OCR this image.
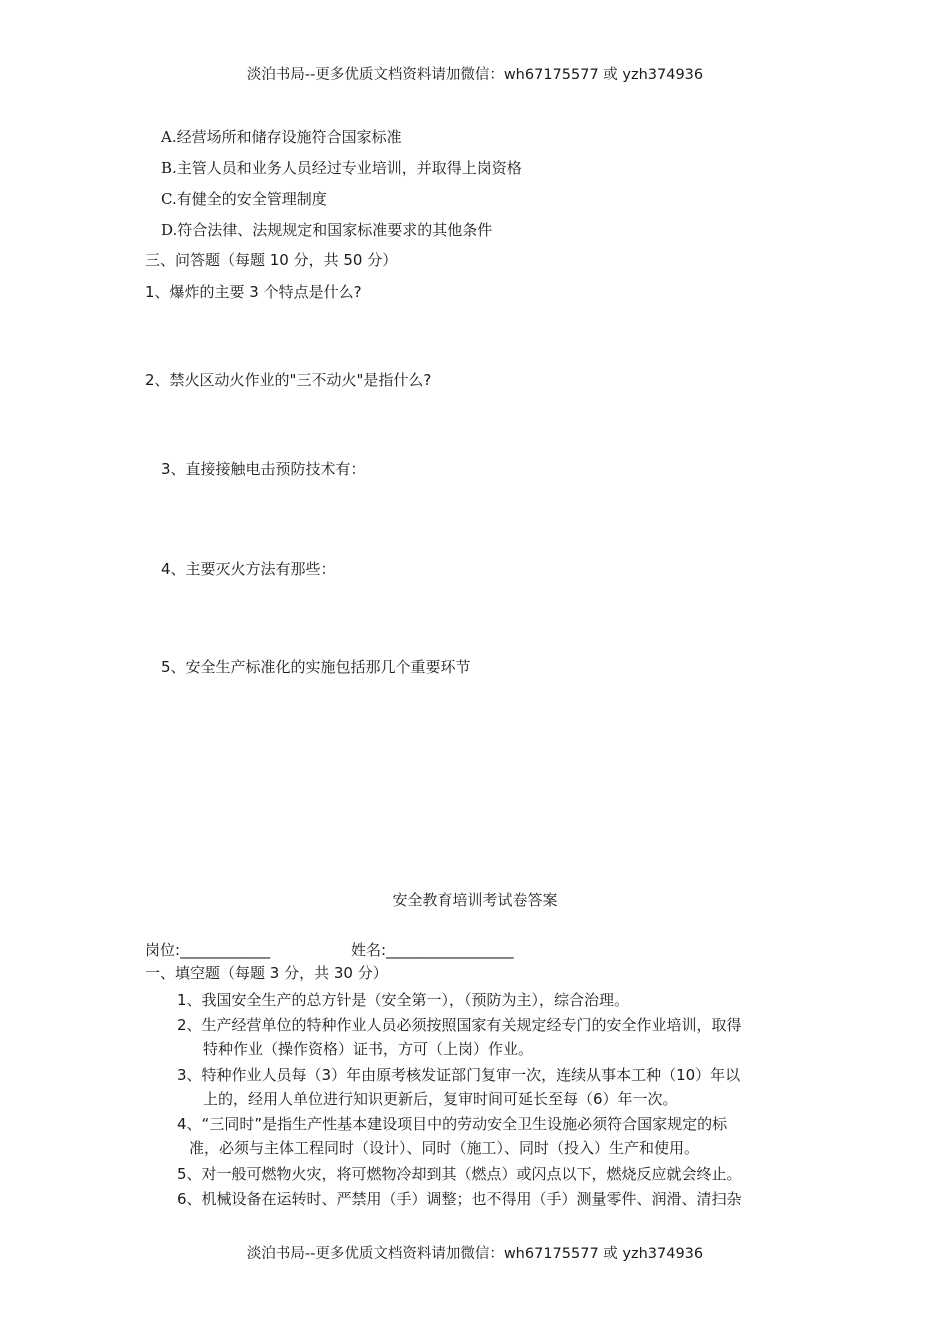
淡泊书局--更多优质文档资料请加微信：wh67175577 或 yzh374936
A.经营场所和储存设施符合国家标准
B.主管人员和业务人员经过专业培训，并取得上岗资格
C.有健全的安全管理制度
D.符合法律、法规规定和国家标准要求的其他条件
三、问答题（每题 10 分，共 50 分）
1、爆炸的主要 3 个特点是什么?
2、禁火区动火作业的"三不动火"是指什么?
3、直接接触电击预防技术有：
4、主要灭火方法有那些：
5、安全生产标准化的实施包括那几个重要环节
安全教育培训考试卷答案
岗位:____________	姓名:_________________
一、填空题（每题 3 分，共 30 分）
1、我国安全生产的总方针是（安全第一），（预防为主），综合治理。
2、生产经营单位的特种作业人员必须按照国家有关规定经专门的安全作业培训，取得
特种作业（操作资格）证书，方可（上岗）作业。
3、特种作业人员每（3）年由原考核发证部门复审一次，连续从事本工种（10）年以
上的，经用人单位进行知识更新后，复审时间可延长至每（6）年一次。
4、“三同时”是指生产性基本建设项目中的劳动安全卫生设施必须符合国家规定的标
准，必须与主体工程同时（设计）、同时（施工）、同时（投入）生产和使用。
5、对一般可燃物火灾，将可燃物冷却到其（燃点）或闪点以下，燃烧反应就会终止。
6、机械设备在运转时、严禁用（手）调整；也不得用（手）测量零件、润滑、清扫杂
淡泊书局--更多优质文档资料请加微信：wh67175577 或 yzh374936
